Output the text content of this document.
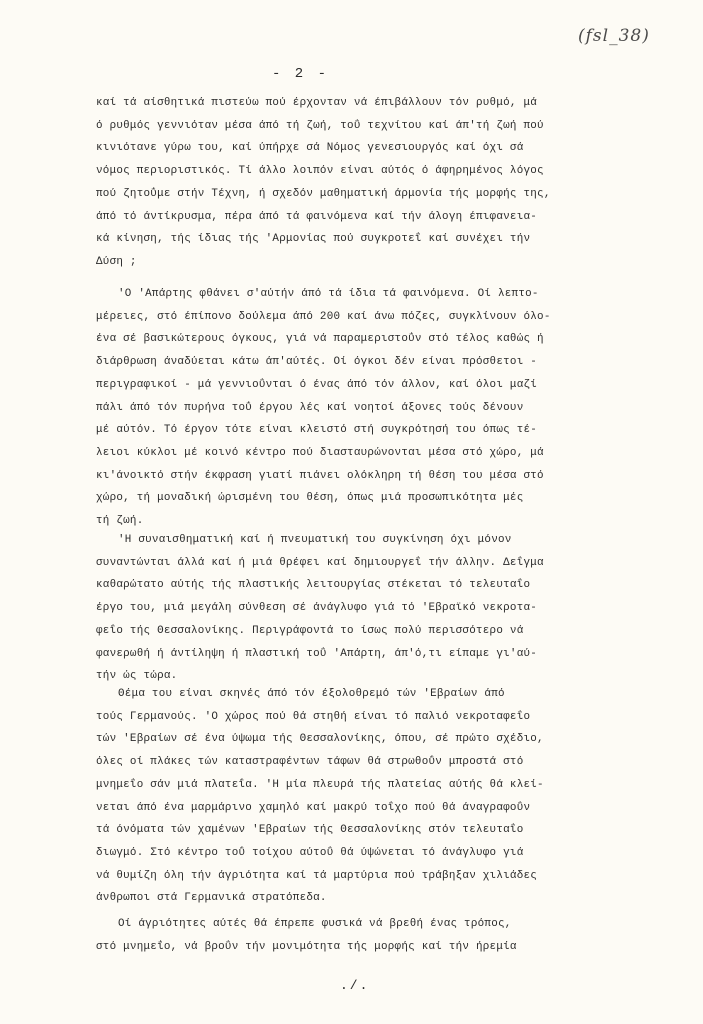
(fsl_38)
- 2 -
καί τά αίσθητικά πιστεύω πού έρχονταν νά έπιβάλλουν τόν ρυθμό, μά
ό ρυθμός γεννιόταν μέσα άπό τή ζωή, τοΰ τεχνίτου καί άπ'τή ζωή πού
κινιότανε γύρω του, καί ύπήρχε σά Νόμος γενεσιουργός καί όχι σά
νόμος περιοριστικός. Τί άλλο λοιπόν είναι αύτός ό άφηρημένος λόγος
πού ζητοΰμε στήν Τέχνη, ή σχεδόν μαθηματική άρμονία τής μορφής της,
άπό τό άντίκρυσμα, πέρα άπό τά φαινόμενα καί τήν άλογη έπιφανεια-
κά κίνηση, τής ίδιας τής 'Αρμονίας πού συγκροτεΐ καί συνέχει τήν
Δύση ;
'Ο 'Απάρτης φθάνει σ'αύτήν άπό τά ίδια τά φαινόμενα. Οί λεπτο-
μέρειες, στό έπίπονο δούλεμα άπό 200 καί άνω πόζες, συγκλίνουν όλο-
ένα σέ βασικώτερους όγκους, γιά νά παραμεριστοΰν στό τέλος καθώς ή
διάρθρωση άναδύεται κάτω άπ'αύτές. Οί όγκοι δέν είναι πρόσθετοι -
περιγραφικοί - μά γεννιοΰνται ό ένας άπό τόν άλλον, καί όλοι μαζί
πάλι άπό τόν πυρήνα τοΰ έργου λές καί νοητοί άξονες τούς δένουν
μέ αύτόν. Τό έργον τότε είναι κλειστό στή συγκρότησή του όπως τέ-
λειοι κύκλοι μέ κοινό κέντρο πού διασταυρώνονται μέσα στό χώρο, μά
κι'άνοικτό στήν έκφραση γιατί πιάνει ολόκληρη τή θέση του μέσα στό
χώρο, τή μοναδική ώρισμένη του θέση, όπως μιά προσωπικότητα μές
τή ζωή.
'Η συναισθηματική καί ή πνευματική του συγκίνηση όχι μόνον
συναντώνται άλλά καί ή μιά θρέφει καί δημιουργεΐ τήν άλλην. Δεΐγμα
καθαρώτατο αύτής τής πλαστικής λειτουργίας στέκεται τό τελευταΐο
έργο του, μιά μεγάλη σύνθεση σέ άνάγλυφο γιά τό 'Εβραϊκό νεκροτα-
φεΐο τής Θεσσαλονίκης. Περιγράφοντά το ίσως πολύ περισσότερο νά
φανερωθή ή άντίληψη ή πλαστική τοΰ 'Απάρτη, άπ'ό,τι είπαμε γι'αύ-
τήν ώς τώρα.
Θέμα του είναι σκηνές άπό τόν έξολοθρεμό τών 'Εβραίων άπό
τούς Γερμανούς. 'Ο χώρος πού θά στηθή είναι τό παλιό νεκροταφεΐο
τών 'Εβραίων σέ ένα ύψωμα τής Θεσσαλονίκης, όπου, σέ πρώτο σχέδιο,
όλες οί πλάκες τών καταστραφέντων τάφων θά στρωθοΰν μπροστά στό
μνημεΐο σάν μιά πλατεΐα. 'Η μία πλευρά τής πλατείας αύτής θά κλεί-
νεται άπό ένα μαρμάρινο χαμηλό καί μακρύ τοΐχο πού θά άναγραφοΰν
τά όνόματα τών χαμένων 'Εβραίων τής Θεσσαλονίκης στόν τελευταΐο
διωγμό. Στό κέντρο τοΰ τοίχου αύτοΰ θά ύψώνεται τό άνάγλυφο γιά
νά θυμίζη όλη τήν άγριότητα καί τά μαρτύρια πού τράβηξαν χιλιάδες
άνθρωποι στά Γερμανικά στρατόπεδα.
Οί άγριότητες αύτές θά έπρεπε φυσικά νά βρεθή ένας τρόπος,
στό μνημεΐο, νά βροΰν τήν μονιμότητα τής μορφής καί τήν ήρεμία
./.
